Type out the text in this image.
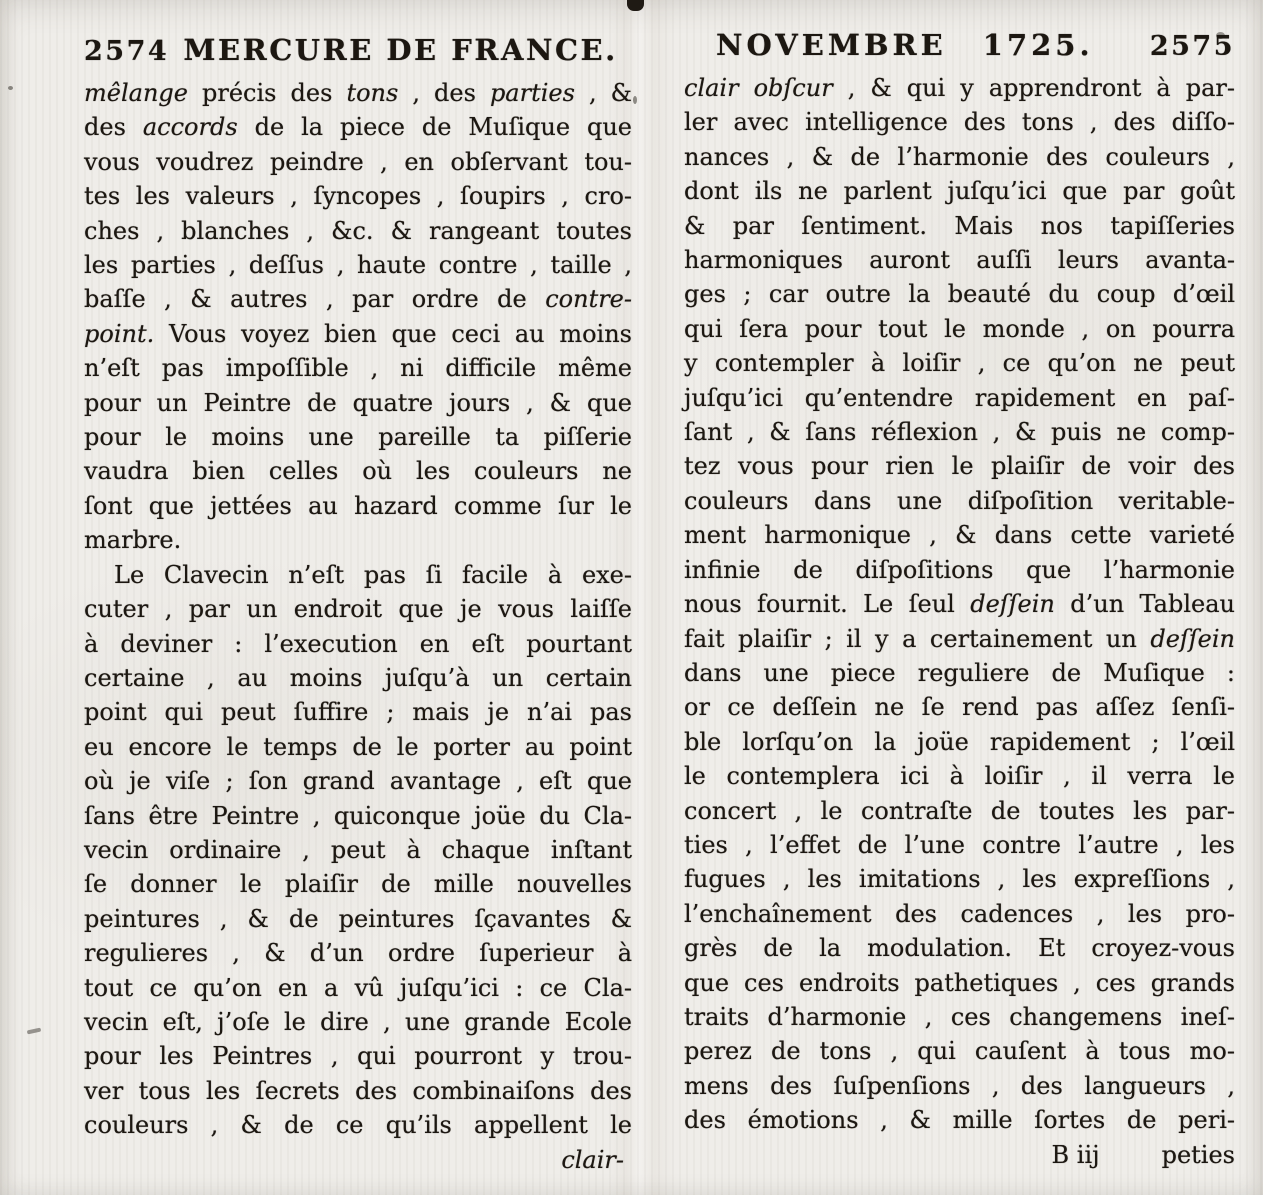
2574 MERCURE DE FRANCE.
mêlange précis des tons , des parties , &
des accords de la piece de Muſique que
vous voudrez peindre , en obſervant tou-
tes les valeurs , ſyncopes , ſoupirs , cro-
ches , blanches , &c. & rangeant toutes
les parties , deſſus , haute contre , taille ,
baſſe , & autres , par ordre de contre-
point. Vous voyez bien que ceci au moins
n’eſt pas impoſſible , ni difficile même
pour un Peintre de quatre jours , & que
pour le moins une pareille ta piſſerie
vaudra bien celles où les couleurs ne
ſont que jettées au hazard comme ſur le
marbre.
Le Clavecin n’eſt pas ſi facile à exe-
cuter , par un endroit que je vous laiſſe
à deviner : l’execution en eſt pourtant
certaine , au moins juſqu’à un certain
point qui peut ſuffire ; mais je n’ai pas
eu encore le temps de le porter au point
où je viſe ; ſon grand avantage , eſt que
ſans être Peintre , quiconque joüe du Cla-
vecin ordinaire , peut à chaque inſtant
ſe donner le plaiſir de mille nouvelles
peintures , & de peintures ſçavantes &
regulieres , & d’un ordre ſuperieur à
tout ce qu’on en a vû juſqu’ici : ce Cla-
vecin eſt, j’oſe le dire , une grande Ecole
pour les Peintres , qui pourront y trou-
ver tous les ſecrets des combinaiſons des
couleurs , & de ce qu’ils appellent le
clair-
NOVEMBRE 1725. 2575
clair obſcur , & qui y apprendront à par-
ler avec intelligence des tons , des diſſo-
nances , & de l’harmonie des couleurs ,
dont ils ne parlent juſqu’ici que par goût
& par ſentiment. Mais nos tapiſſeries
harmoniques auront auſſi leurs avanta-
ges ; car outre la beauté du coup d’œil
qui ſera pour tout le monde , on pourra
y contempler à loiſir , ce qu’on ne peut
juſqu’ici qu’entendre rapidement en paſ-
ſant , & ſans réflexion , & puis ne comp-
tez vous pour rien le plaiſir de voir des
couleurs dans une diſpoſition veritable-
ment harmonique , & dans cette varieté
infinie de diſpoſitions que l’harmonie
nous fournit. Le ſeul deſſein d’un Tableau
fait plaiſir ; il y a certainement un deſſein
dans une piece reguliere de Muſique :
or ce deſſein ne ſe rend pas aſſez ſenſi-
ble lorſqu’on la joüe rapidement ; l’œil
le contemplera ici à loiſir , il verra le
concert , le contraſte de toutes les par-
ties , l’effet de l’une contre l’autre , les
fugues , les imitations , les expreſſions ,
l’enchaînement des cadences , les pro-
grès de la modulation. Et croyez-vous
que ces endroits pathetiques , ces grands
traits d’harmonie , ces changemens ineſ-
perez de tons , qui cauſent à tous mo-
mens des ſuſpenſions , des langueurs ,
des émotions , & mille ſortes de peri-
B iij	peties
